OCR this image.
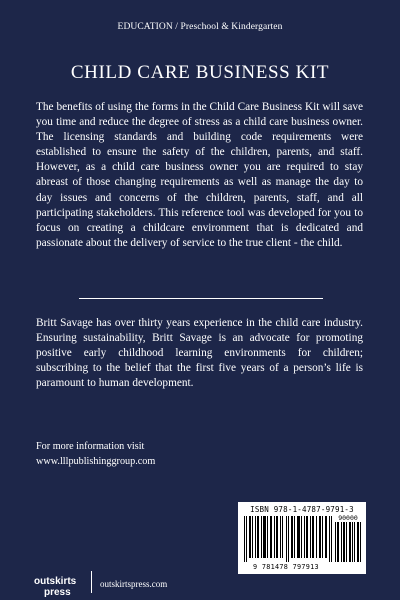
EDUCATION / Preschool & Kindergarten
CHILD CARE BUSINESS KIT

The benefits of using the forms in the Child Care Business Kit will save you time and reduce the degree of stress as a child care business owner. The licensing standards and building code requirements were established to ensure the safety of the children, parents, and staff. However, as a child care business owner you are required to stay abreast of those changing requirements as well as manage the day to day issues and concerns of the children, parents, staff, and all participating stakeholders. This reference tool was developed for you to focus on creating a childcare environment that is dedicated and passionate about the delivery of service to the true client - the child.

Britt Savage has over thirty years experience in the child care industry. Ensuring sustainability, Britt Savage is an advocate for promoting positive early childhood learning environments for children; subscribing to the belief that the first five years of a person’s life is paramount to human development.

For more information visit
www.lllpublishinggroup.com
ISBN 978-1-4787-9791-3
90000
9 781478 797913
outskirts
press
outskirtspress.com
